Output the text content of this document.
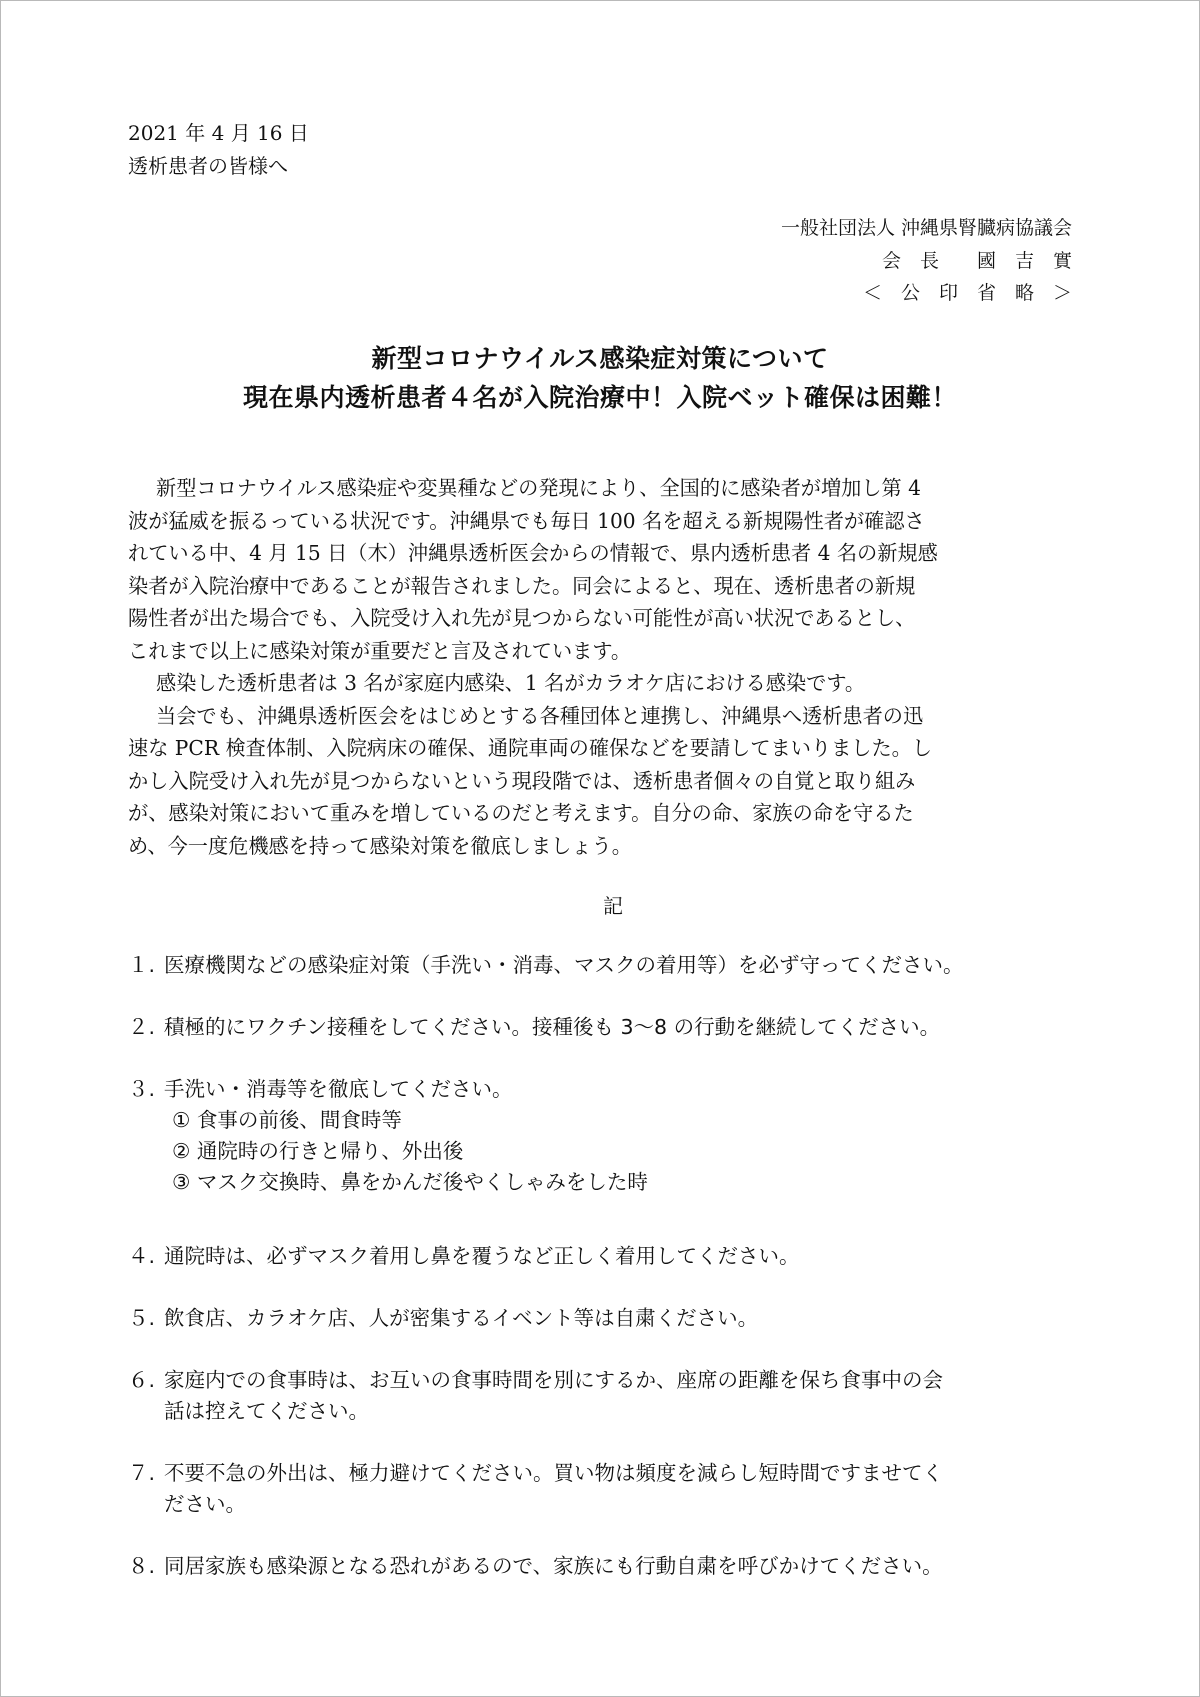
2021 年 4 月 16 日

透析患者の皆様へ

一般社団法人 沖縄県腎臓病協議会

会　長　　國　吉　實

＜　公　印　省　略　＞

新型コロナウイルス感染症対策について
現在県内透析患者４名が入院治療中！入院ベット確保は困難！
新型コロナウイルス感染症や変異種などの発現により、全国的に感染者が増加し第 4
波が猛威を振るっている状況です。沖縄県でも毎日 100 名を超える新規陽性者が確認さ
れている中、4 月 15 日（木）沖縄県透析医会からの情報で、県内透析患者 4 名の新規感
染者が入院治療中であることが報告されました。同会によると、現在、透析患者の新規
陽性者が出た場合でも、入院受け入れ先が見つからない可能性が高い状況であるとし、
これまで以上に感染対策が重要だと言及されています。
感染した透析患者は 3 名が家庭内感染、1 名がカラオケ店における感染です。
当会でも、沖縄県透析医会をはじめとする各種団体と連携し、沖縄県へ透析患者の迅
速な PCR 検査体制、入院病床の確保、通院車両の確保などを要請してまいりました。し
かし入院受け入れ先が見つからないという現段階では、透析患者個々の自覚と取り組み
が、感染対策において重みを増しているのだと考えます。自分の命、家族の命を守るた
め、今一度危機感を持って感染対策を徹底しましょう。

記

１. 医療機関などの感染症対策（手洗い・消毒、マスクの着用等）を必ず守ってください。
２. 積極的にワクチン接種をしてください。接種後も 3～8 の行動を継続してください。
３. 手洗い・消毒等を徹底してください。
① 食事の前後、間食時等
② 通院時の行きと帰り、外出後
③ マスク交換時、鼻をかんだ後やくしゃみをした時
４. 通院時は、必ずマスク着用し鼻を覆うなど正しく着用してください。
５. 飲食店、カラオケ店、人が密集するイベント等は自粛ください。
６. 家庭内での食事時は、お互いの食事時間を別にするか、座席の距離を保ち食事中の会
話は控えてください。
７. 不要不急の外出は、極力避けてください。買い物は頻度を減らし短時間ですませてく
ださい。
８. 同居家族も感染源となる恐れがあるので、家族にも行動自粛を呼びかけてください。
